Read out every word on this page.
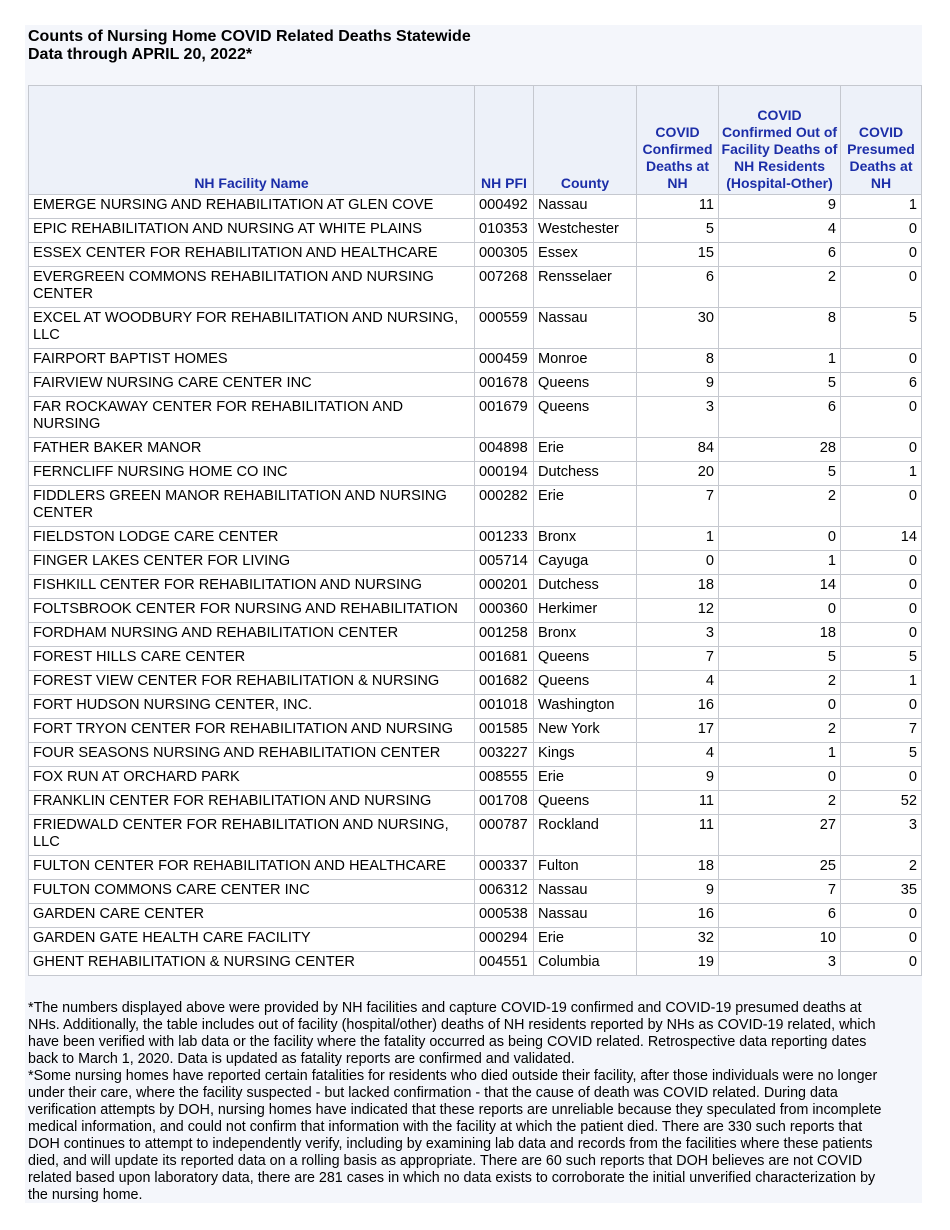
Counts of Nursing Home COVID Related Deaths Statewide
Data through APRIL 20, 2022*
NH Facility Name	NH PFI	County	COVID Confirmed Deaths at NH	COVID Confirmed Out of Facility Deaths of NH Residents (Hospital-Other)	COVID Presumed Deaths at NH
EMERGE NURSING AND REHABILITATION AT GLEN COVE	000492	Nassau	11	9	1
EPIC REHABILITATION AND NURSING AT WHITE PLAINS	010353	Westchester	5	4	0
ESSEX CENTER FOR REHABILITATION AND HEALTHCARE	000305	Essex	15	6	0
EVERGREEN COMMONS REHABILITATION AND NURSING CENTER	007268	Rensselaer	6	2	0
EXCEL AT WOODBURY FOR REHABILITATION AND NURSING, LLC	000559	Nassau	30	8	5
FAIRPORT BAPTIST HOMES	000459	Monroe	8	1	0
FAIRVIEW NURSING CARE CENTER INC	001678	Queens	9	5	6
FAR ROCKAWAY CENTER FOR REHABILITATION AND NURSING	001679	Queens	3	6	0
FATHER BAKER MANOR	004898	Erie	84	28	0
FERNCLIFF NURSING HOME CO INC	000194	Dutchess	20	5	1
FIDDLERS GREEN MANOR REHABILITATION AND NURSING CENTER	000282	Erie	7	2	0
FIELDSTON LODGE CARE CENTER	001233	Bronx	1	0	14
FINGER LAKES CENTER FOR LIVING	005714	Cayuga	0	1	0
FISHKILL CENTER FOR REHABILITATION AND NURSING	000201	Dutchess	18	14	0
FOLTSBROOK CENTER FOR NURSING AND REHABILITATION	000360	Herkimer	12	0	0
FORDHAM NURSING AND REHABILITATION CENTER	001258	Bronx	3	18	0
FOREST HILLS CARE CENTER	001681	Queens	7	5	5
FOREST VIEW CENTER FOR REHABILITATION & NURSING	001682	Queens	4	2	1
FORT HUDSON NURSING CENTER, INC.	001018	Washington	16	0	0
FORT TRYON CENTER FOR REHABILITATION AND NURSING	001585	New York	17	2	7
FOUR SEASONS NURSING AND REHABILITATION CENTER	003227	Kings	4	1	5
FOX RUN AT ORCHARD PARK	008555	Erie	9	0	0
FRANKLIN CENTER FOR REHABILITATION AND NURSING	001708	Queens	11	2	52
FRIEDWALD CENTER FOR REHABILITATION AND NURSING, LLC	000787	Rockland	11	27	3
FULTON CENTER FOR REHABILITATION AND HEALTHCARE	000337	Fulton	18	25	2
FULTON COMMONS CARE CENTER INC	006312	Nassau	9	7	35
GARDEN CARE CENTER	000538	Nassau	16	6	0
GARDEN GATE HEALTH CARE FACILITY	000294	Erie	32	10	0
GHENT REHABILITATION & NURSING CENTER	004551	Columbia	19	3	0

*The numbers displayed above were provided by NH facilities and capture COVID-19 confirmed and COVID-19 presumed deaths at NHs. Additionally, the table includes out of facility (hospital/other) deaths of NH residents reported by NHs as COVID-19 related, which have been verified with lab data or the facility where the fatality occurred as being COVID related. Retrospective data reporting dates back to March 1, 2020. Data is updated as fatality reports are confirmed and validated.

*Some nursing homes have reported certain fatalities for residents who died outside their facility, after those individuals were no longer under their care, where the facility suspected - but lacked confirmation - that the cause of death was COVID related. During data verification attempts by DOH, nursing homes have indicated that these reports are unreliable because they speculated from incomplete medical information, and could not confirm that information with the facility at which the patient died. There are 330 such reports that DOH continues to attempt to independently verify, including by examining lab data and records from the facilities where these patients died, and will update its reported data on a rolling basis as appropriate. There are 60 such reports that DOH believes are not COVID related based upon laboratory data, there are 281 cases in which no data exists to corroborate the initial unverified characterization by the nursing home.
